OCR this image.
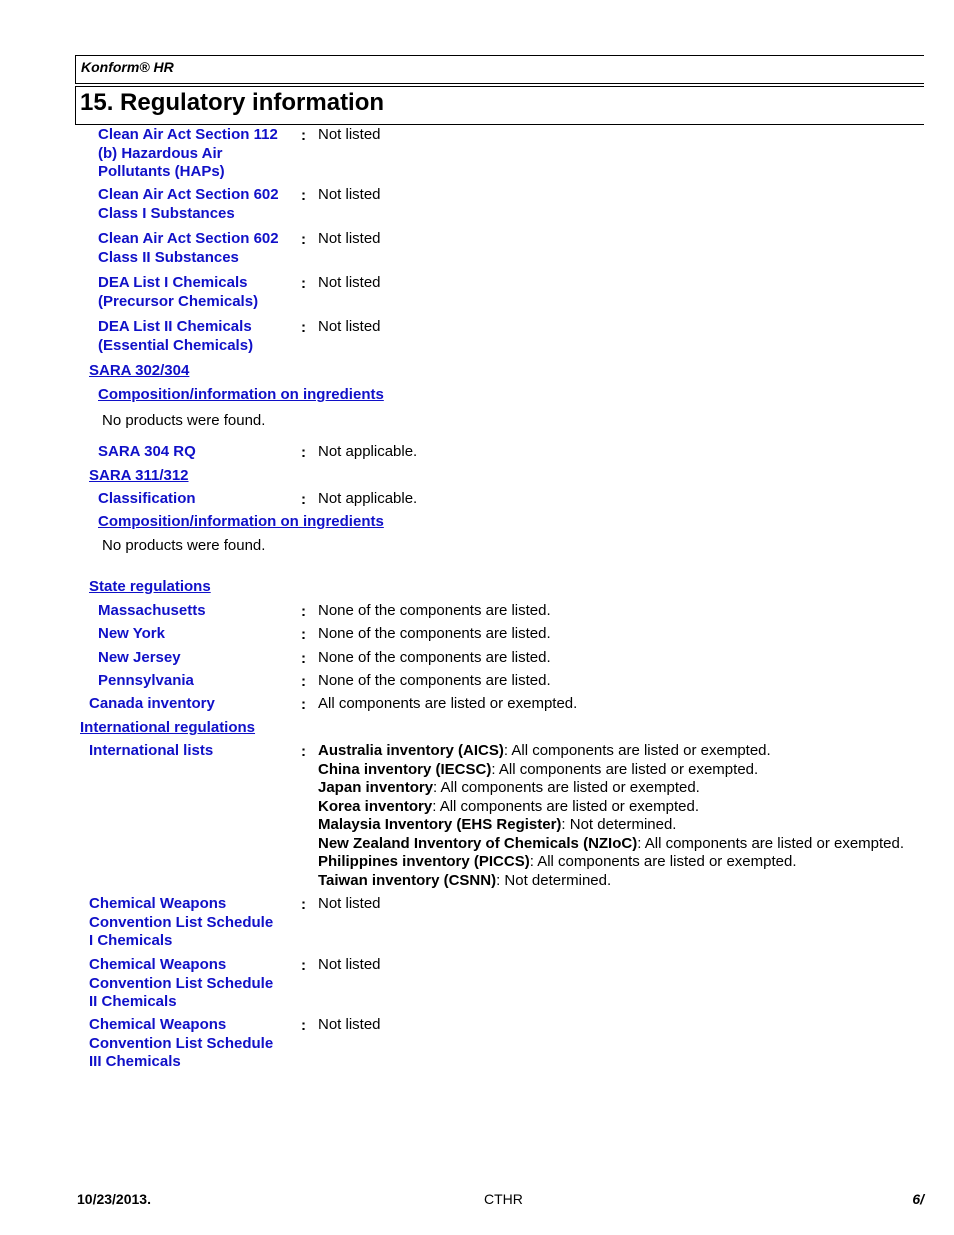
Konform® HR
15. Regulatory information
Clean Air Act Section 112
(b) Hazardous Air
Pollutants (HAPs)
: Not listed
Clean Air Act Section 602
Class I Substances
: Not listed
Clean Air Act Section 602
Class II Substances
: Not listed
DEA List I Chemicals
(Precursor Chemicals)
: Not listed
DEA List II Chemicals
(Essential Chemicals)
: Not listed
SARA 302/304
Composition/information on ingredients
No products were found.
SARA 304 RQ	: Not applicable.
SARA 311/312
Classification	: Not applicable.
Composition/information on ingredients
No products were found.
State regulations
Massachusetts	: None of the components are listed.
New York	: None of the components are listed.
New Jersey	: None of the components are listed.
Pennsylvania	: None of the components are listed.
Canada inventory	: All components are listed or exempted.
International regulations
International lists	: Australia inventory (AICS): All components are listed or exempted.
China inventory (IECSC): All components are listed or exempted.
Japan inventory: All components are listed or exempted.
Korea inventory: All components are listed or exempted.
Malaysia Inventory (EHS Register): Not determined.
New Zealand Inventory of Chemicals (NZIoC): All components are listed or exempted.
Philippines inventory (PICCS): All components are listed or exempted.
Taiwan inventory (CSNN): Not determined.
Chemical Weapons
Convention List Schedule
I Chemicals
: Not listed
Chemical Weapons
Convention List Schedule
II Chemicals
: Not listed
Chemical Weapons
Convention List Schedule
III Chemicals
: Not listed
10/23/2013.	CTHR	6/
